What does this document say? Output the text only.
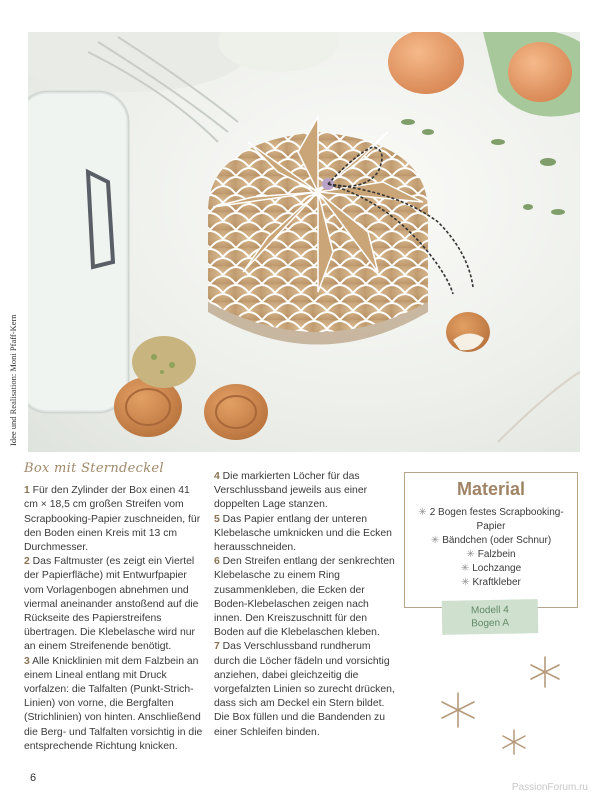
Idee und Realisation: Moni Pfaff-Kern
Box mit Sterndeckel

1 Für den Zylinder der Box einen 41 cm × 18,5 cm großen Streifen vom Scrapbooking-Papier zuschneiden, für den Boden einen Kreis mit 13 cm Durchmesser.

2 Das Faltmuster (es zeigt ein Viertel der Papierfläche) mit Entwurfpapier vom Vorlagenbogen abnehmen und viermal aneinander anstoßend auf die Rückseite des Papierstreifens übertragen. Die Klebelasche wird nur an einem Streifenende benötigt.

3 Alle Knicklinien mit dem Falzbein an einem Lineal entlang mit Druck vorfalzen: die Talfalten (Punkt-Strich-Linien) von vorne, die Bergfalten (Strichlinien) von hinten. Anschließend die Berg- und Talfalten vorsichtig in die entsprechende Richtung knicken.

4 Die markierten Löcher für das Verschlussband jeweils aus einer doppelten Lage stanzen.

5 Das Papier entlang der unteren Klebelasche umknicken und die Ecken herausschneiden.

6 Den Streifen entlang der senkrechten Klebelasche zu einem Ring zusammenkleben, die Ecken der Boden-Klebelaschen zeigen nach innen. Den Kreiszuschnitt für den Boden auf die Klebelaschen kleben.

7 Das Verschlussband rundherum durch die Löcher fädeln und vorsichtig anziehen, dabei gleichzeitig die vorgefalzten Linien so zurecht drücken, dass sich am Deckel ein Stern bildet. Die Box füllen und die Bandenden zu einer Schleifen binden.

Material
✳ 2 Bogen festes Scrapbooking-Papier
✳ Bändchen (oder Schnur)
✳ Falzbein
✳ Lochzange
✳ Kraftkleber
Modell 4
Bogen A
6
PassionForum.ru
